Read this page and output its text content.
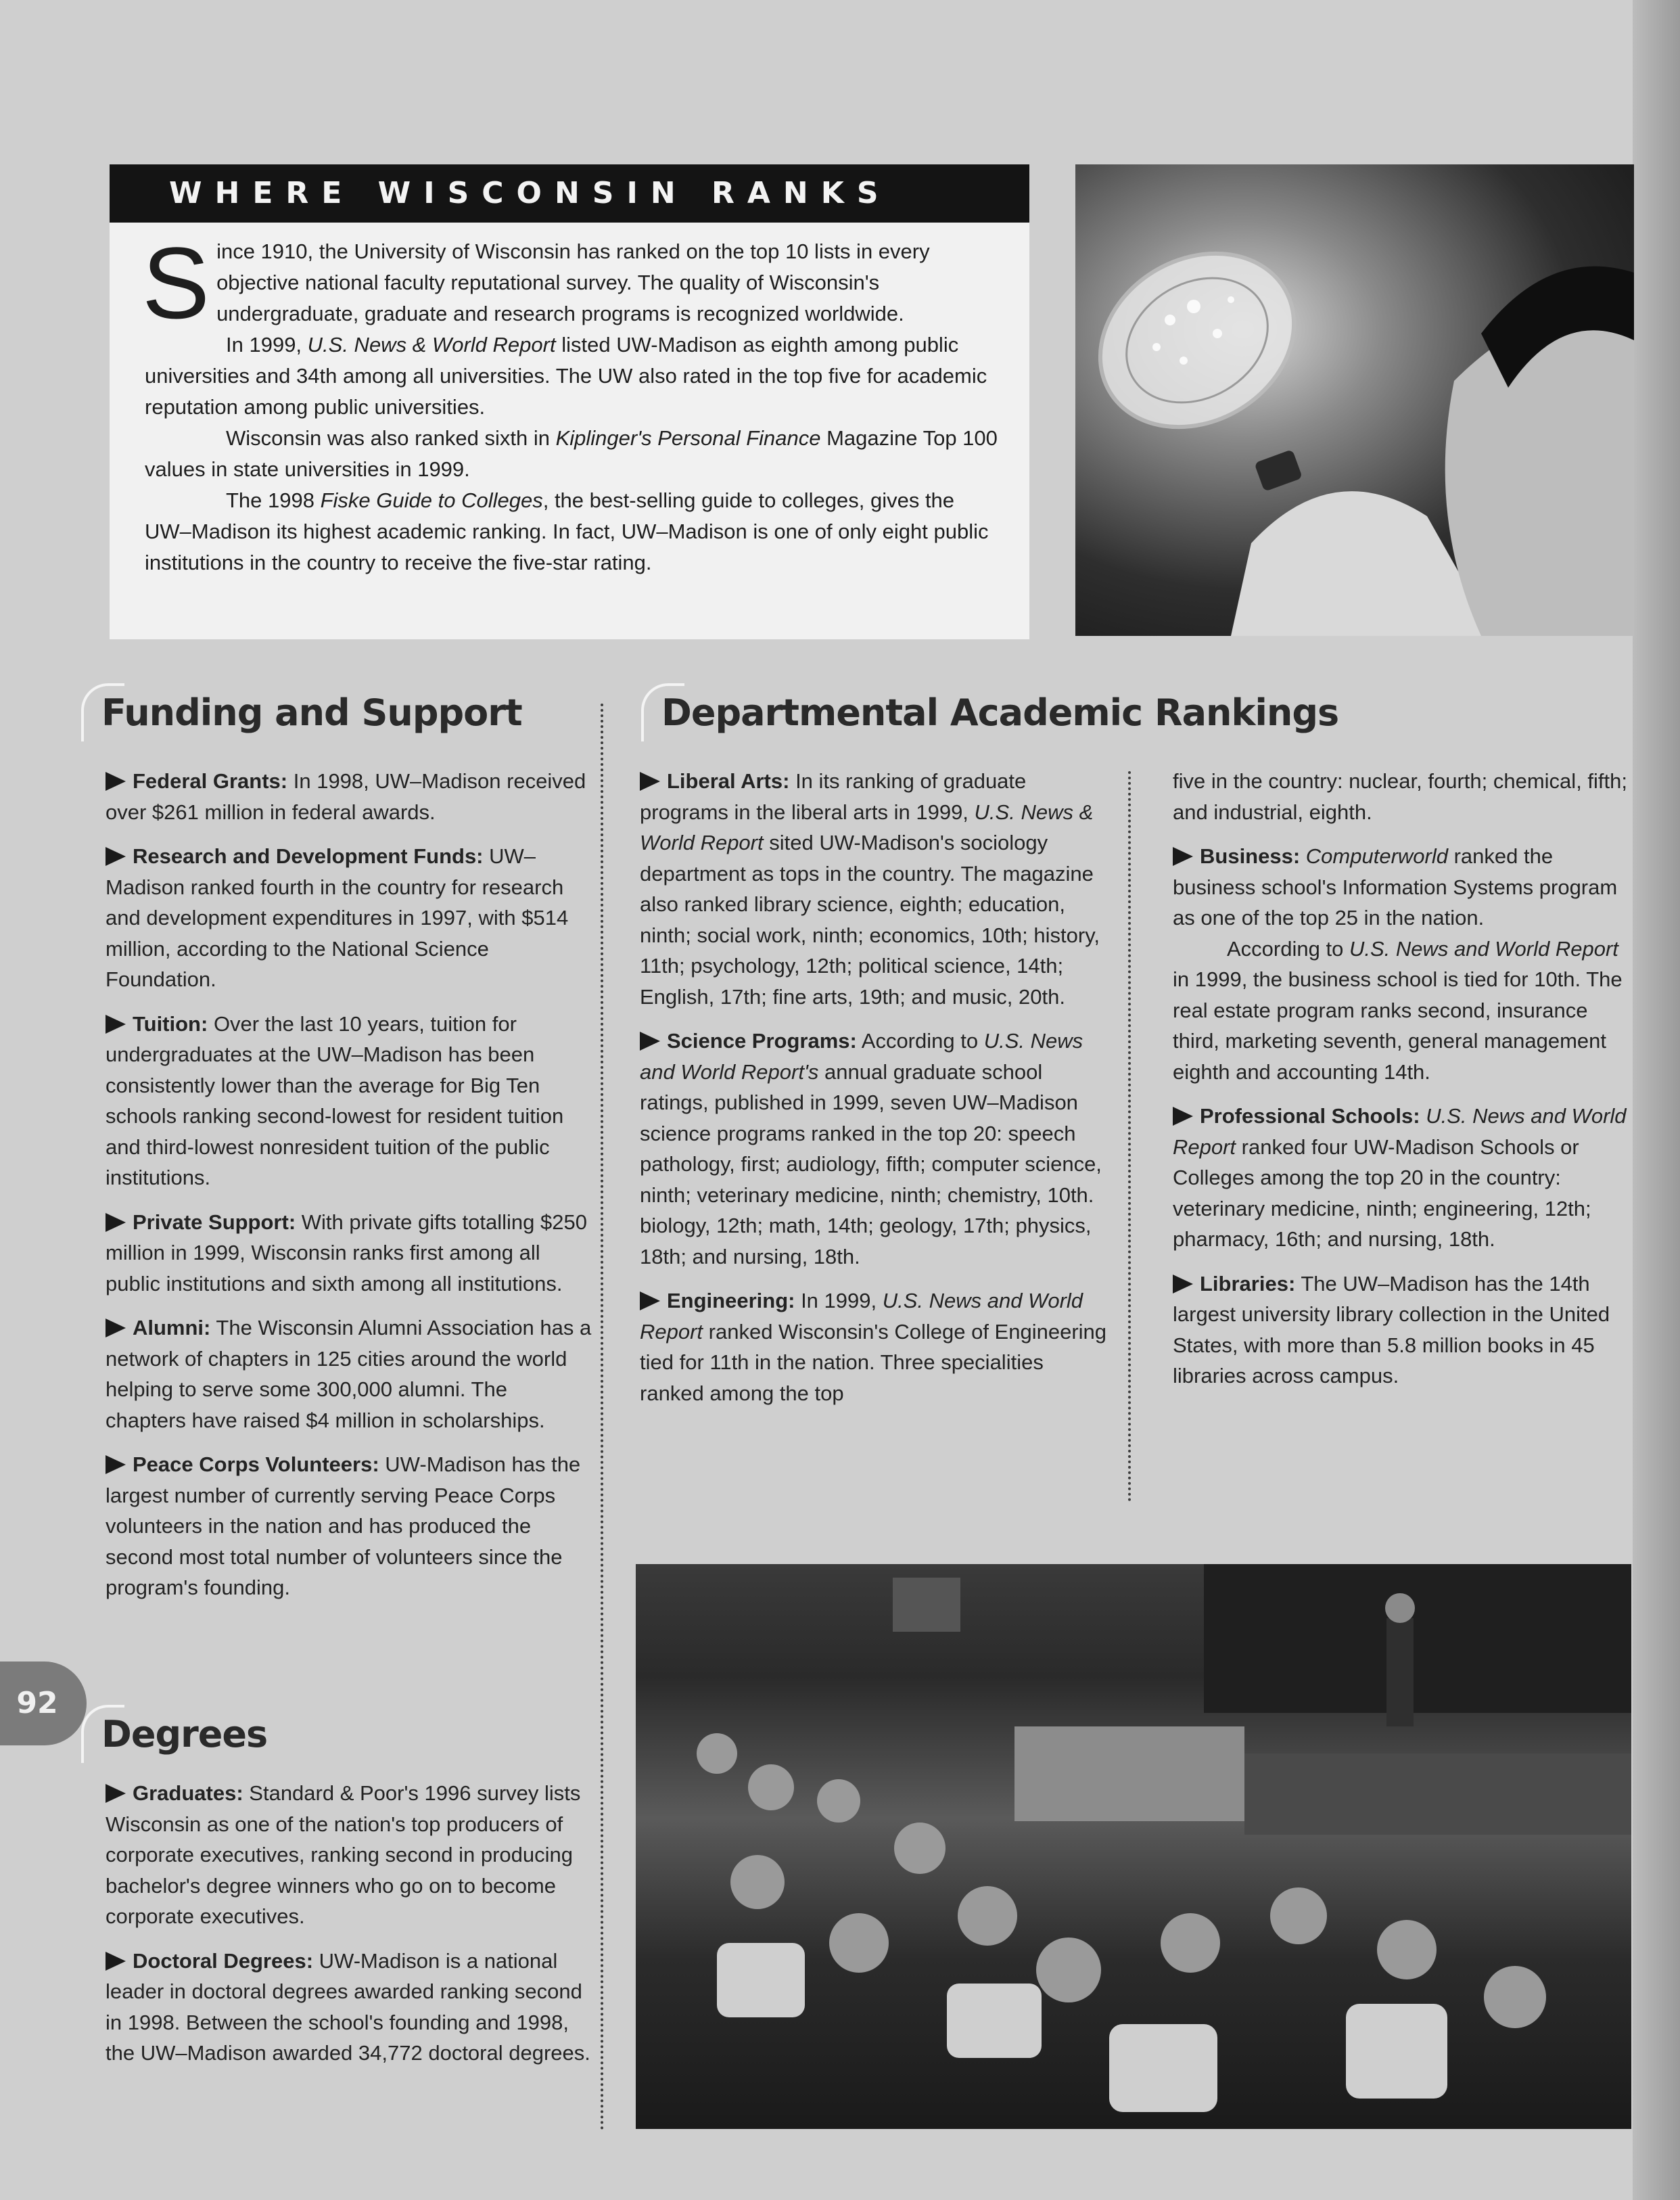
WHERE WISCONSIN RANKS

Since 1910, the University of Wisconsin has ranked on the top 10 lists in every objective national faculty reputational survey. The quality of Wisconsin's undergraduate, graduate and research programs is recognized worldwide.

In 1999, U.S. News & World Report listed UW-Madison as eighth among public universities and 34th among all universities. The UW also rated in the top five for academic reputation among public universities.

Wisconsin was also ranked sixth in Kiplinger's Personal Finance Magazine Top 100 values in state universities in 1999.

The 1998 Fiske Guide to Colleges, the best-selling guide to colleges, gives the UW–Madison its highest academic ranking. In fact, UW–Madison is one of only eight public institutions in the country to receive the five-star rating.

Funding and Support

Federal Grants: In 1998, UW–Madison received over $261 million in federal awards.

Research and Development Funds: UW–Madison ranked fourth in the country for research and development expenditures in 1997, with $514 million, according to the National Science Foundation.

Tuition: Over the last 10 years, tuition for undergraduates at the UW–Madison has been consistently lower than the average for Big Ten schools ranking second-lowest for resident tuition and third-lowest nonresident tuition of the public institutions.

Private Support: With private gifts totalling $250 million in 1999, Wisconsin ranks first among all public institutions and sixth among all institutions.

Alumni: The Wisconsin Alumni Association has a network of chapters in 125 cities around the world helping to serve some 300,000 alumni. The chapters have raised $4 million in scholarships.

Peace Corps Volunteers: UW-Madison has the largest number of currently serving Peace Corps volunteers in the nation and has produced the second most total number of volunteers since the program's founding.

Degrees

Graduates: Standard & Poor's 1996 survey lists Wisconsin as one of the nation's top producers of corporate executives, ranking second in producing bachelor's degree winners who go on to become corporate executives.

Doctoral Degrees: UW-Madison is a national leader in doctoral degrees awarded ranking second in 1998. Between the school's founding and 1998, the UW–Madison awarded 34,772 doctoral degrees.

92
Departmental Academic Rankings

Liberal Arts: In its ranking of graduate programs in the liberal arts in 1999, U.S. News & World Report sited UW-Madison's sociology department as tops in the country. The magazine also ranked library science, eighth; education, ninth; social work, ninth; economics, 10th; history, 11th; psychology, 12th; political science, 14th; English, 17th; fine arts, 19th; and music, 20th.

Science Programs: According to U.S. News and World Report's annual graduate school ratings, published in 1999, seven UW–Madison science programs ranked in the top 20: speech pathology, first; audiology, fifth; computer science, ninth; veterinary medicine, ninth; chemistry, 10th. biology, 12th; math, 14th; geology, 17th; physics, 18th; and nursing, 18th.

Engineering: In 1999, U.S. News and World Report ranked Wisconsin's College of Engineering tied for 11th in the nation. Three specialities ranked among the top

five in the country: nuclear, fourth; chemical, fifth; and industrial, eighth.

Business: Computerworld ranked the business school's Information Systems program as one of the top 25 in the nation.

According to U.S. News and World Report in 1999, the business school is tied for 10th. The real estate program ranks second, insurance third, marketing seventh, general management eighth and accounting 14th.

Professional Schools: U.S. News and World Report ranked four UW-Madison Schools or Colleges among the top 20 in the country: veterinary medicine, ninth; engineering, 12th; pharmacy, 16th; and nursing, 18th.

Libraries: The UW–Madison has the 14th largest university library collection in the United States, with more than 5.8 million books in 45 libraries across campus.
